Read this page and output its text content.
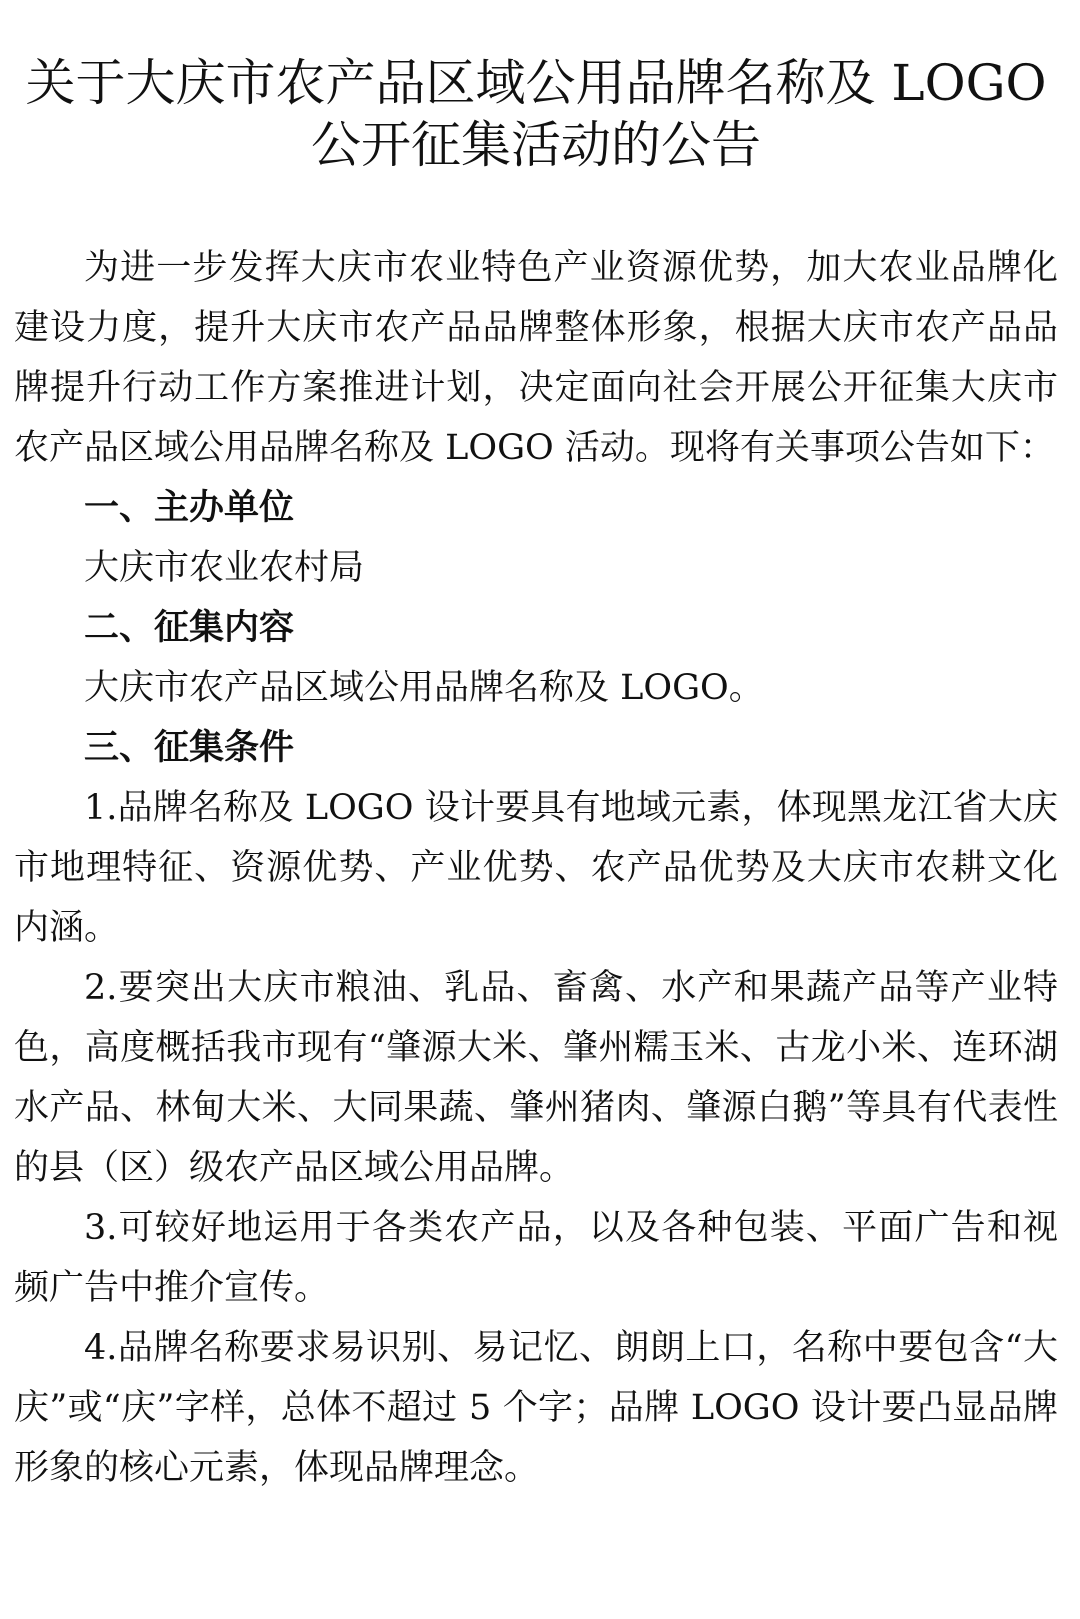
关于大庆市农产品区域公用品牌名称及 LOGO 公开征集活动的公告

为进一步发挥大庆市农业特色产业资源优势，加大农业品牌化建设力度，提升大庆市农产品品牌整体形象，根据大庆市农产品品牌提升行动工作方案推进计划，决定面向社会开展公开征集大庆市农产品区域公用品牌名称及 LOGO 活动。现将有关事项公告如下：

一、主办单位

大庆市农业农村局

二、征集内容

大庆市农产品区域公用品牌名称及 LOGO。

三、征集条件

1.品牌名称及 LOGO 设计要具有地域元素，体现黑龙江省大庆市地理特征、资源优势、产业优势、农产品优势及大庆市农耕文化内涵。

2.要突出大庆市粮油、乳品、畜禽、水产和果蔬产品等产业特色，高度概括我市现有“肇源大米、肇州糯玉米、古龙小米、连环湖水产品、林甸大米、大同果蔬、肇州猪肉、肇源白鹅”等具有代表性的县（区）级农产品区域公用品牌。

3.可较好地运用于各类农产品，以及各种包装、平面广告和视频广告中推介宣传。

4.品牌名称要求易识别、易记忆、朗朗上口，名称中要包含“大庆”或“庆”字样，总体不超过 5 个字；品牌 LOGO 设计要凸显品牌形象的核心元素，体现品牌理念。
